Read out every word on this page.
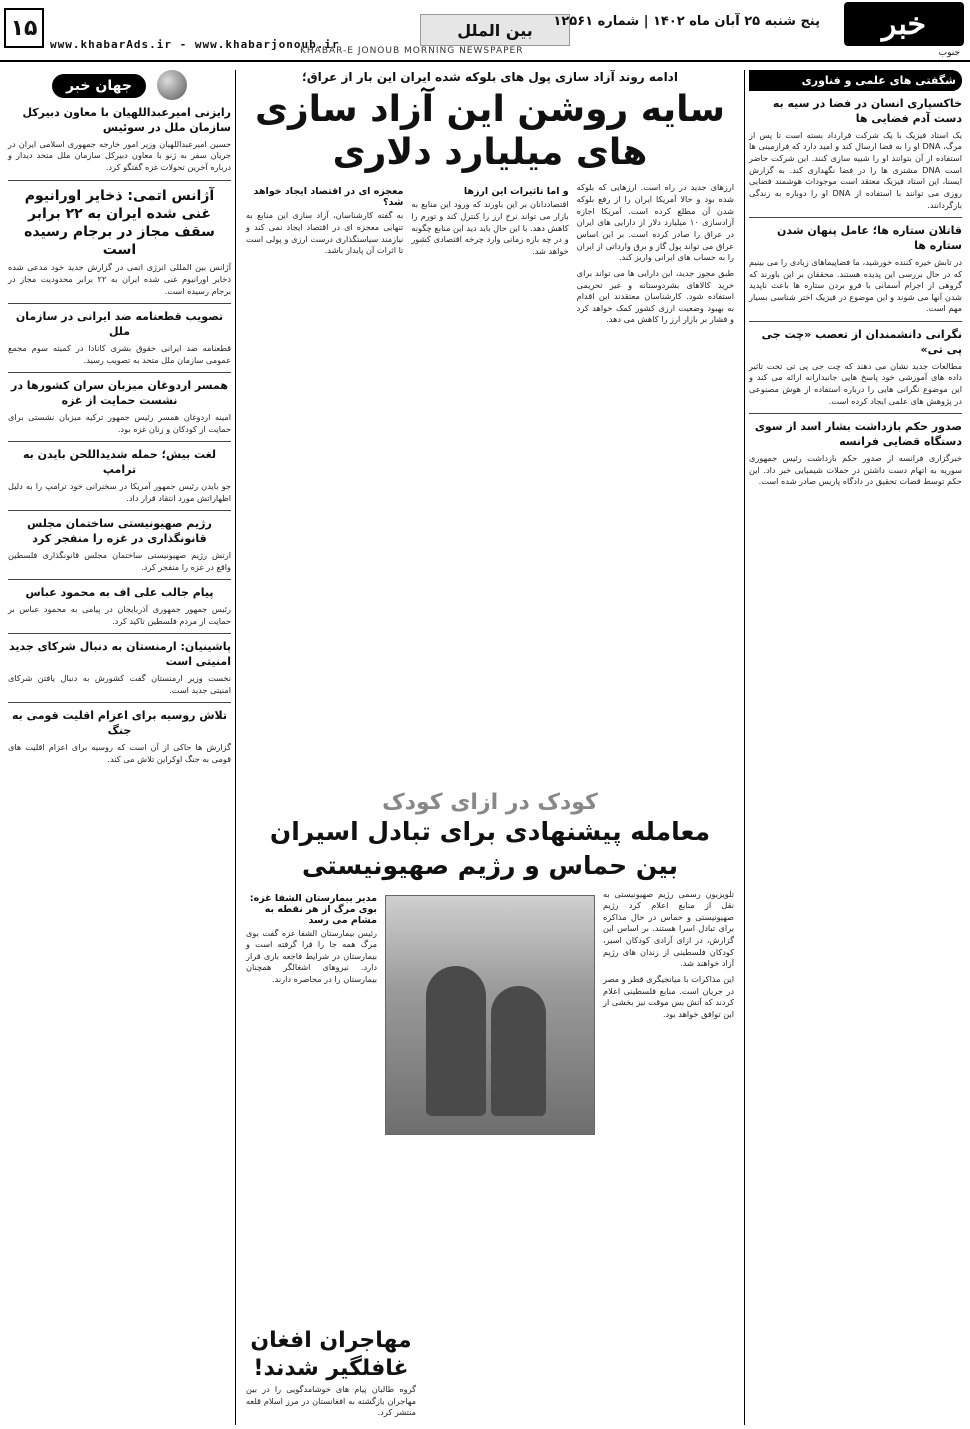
۱۵
www.khabarAds.ir - www.khabarjonoub.ir
بین الملل	پنج شنبه ۲۵ آبان ماه ۱۴۰۲ | شماره ۱۲۵۶۱
KHABAR-E JONOUB MORNING NEWSPAPER
خبر
جنوب
شگفتی های علمی و فناوری
خاکسپاری انسان در فضا در سیه به دست آدم فضایی ها

یک استاد فیزیک با یک شرکت قرارداد بسته است تا پس از مرگ، DNA او را به فضا ارسال کند و امید دارد که فرازمینی ها استفاده از آن بتوانند او را شبیه سازی کنند. این شرکت حاضر است DNA مشتری ها را در فضا نگهداری کند. به گزارش ایسنا، این استاد فیزیک معتقد است موجودات هوشمند فضایی روزی می توانند با استفاده از DNA او را دوباره به زندگی بازگردانند.

قاتلان ستاره ها؛ عامل پنهان شدن ستاره ها

در تابش خیره کننده خورشید، ما فضاپیماهای زیادی را می بینیم که در حال بررسی این پدیده هستند. محققان بر این باورند که گروهی از اجرام آسمانی با فرو بردن ستاره ها باعث ناپدید شدن آنها می شوند و این موضوع در فیزیک اختر شناسی بسیار مهم است.

نگرانی دانشمندان از تعصب «چت جی پی تی»

مطالعات جدید نشان می دهند که چت جی پی تی تحت تاثیر داده های آموزشی خود پاسخ هایی جانبدارانه ارائه می کند و این موضوع نگرانی هایی را درباره استفاده از هوش مصنوعی در پژوهش های علمی ایجاد کرده است.

صدور حکم بازداشت بشار اسد از سوی دستگاه قضایی فرانسه

خبرگزاری فرانسه از صدور حکم بازداشت رئیس جمهوری سوریه به اتهام دست داشتن در حملات شیمیایی خبر داد. این حکم توسط قضات تحقیق در دادگاه پاریس صادر شده است.

ادامه روند آزاد سازی پول های بلوکه شده ایران این بار از عراق؛
سایه روشن این آزاد سازی های میلیارد دلاری

ارزهای جدید در راه است. ارزهایی که بلوکه شده بود و حالا آمریکا ایران را از رفع بلوکه شدن آن مطلع کرده است. آمریکا اجازه آزادسازی ۱۰ میلیارد دلار از دارایی های ایران در عراق را صادر کرده است. بر این اساس عراق می تواند پول گاز و برق وارداتی از ایران را به حساب های ایرانی واریز کند.

طبق مجوز جدید، این دارایی ها می تواند برای خرید کالاهای بشردوستانه و غیر تحریمی استفاده شود. کارشناسان معتقدند این اقدام به بهبود وضعیت ارزی کشور کمک خواهد کرد و فشار بر بازار ارز را کاهش می دهد.

و اما تاثیرات این ارزها

اقتصاددانان بر این باورند که ورود این منابع به بازار می تواند نرخ ارز را کنترل کند و تورم را کاهش دهد. با این حال باید دید این منابع چگونه و در چه بازه زمانی وارد چرخه اقتصادی کشور خواهد شد.

معجزه ای در اقتصاد ایجاد خواهد شد؟

به گفته کارشناسان، آزاد سازی این منابع به تنهایی معجزه ای در اقتصاد ایجاد نمی کند و نیازمند سیاستگذاری درست ارزی و پولی است تا اثرات آن پایدار باشد.

کودک در ازای کودک
معامله پیشنهادی برای تبادل اسیران بین حماس و رژیم صهیونیستی

تلویزیون رسمی رژیم صهیونیستی به نقل از منابع اعلام کرد رژیم صهیونیستی و حماس در حال مذاکره برای تبادل اسرا هستند. بر اساس این گزارش، در ازای آزادی کودکان اسیر، کودکان فلسطینی از زندان های رژیم آزاد خواهند شد.

این مذاکرات با میانجیگری قطر و مصر در جریان است. منابع فلسطینی اعلام کردند که آتش بس موقت نیز بخشی از این توافق خواهد بود.

مدیر بیمارستان الشفا غزه: بوی مرگ از هر نقطه به مشام می رسد

رئیس بیمارستان الشفا غزه گفت بوی مرگ همه جا را فرا گرفته است و بیمارستان در شرایط فاجعه باری قرار دارد. نیروهای اشغالگر همچنان بیمارستان را در محاصره دارند.

مهاجران افغان غافلگیر شدند!

گروه طالبان پیام های خوشامدگویی را در بین مهاجران بازگشته به افغانستان در مرز اسلام قلعه منتشر کرد.

جهان خبر
رایزنی امیرعبداللهیان با معاون دبیرکل سازمان ملل در سوئیس

حسین امیرعبداللهیان وزیر امور خارجه جمهوری اسلامی ایران در جریان سفر به ژنو با معاون دبیرکل سازمان ملل متحد دیدار و درباره آخرین تحولات غزه گفتگو کرد.

آژانس اتمی: ذخایر اورانیوم غنی شده ایران به ۲۲ برابر سقف مجاز در برجام رسیده است

آژانس بین المللی انرژی اتمی در گزارش جدید خود مدعی شده ذخایر اورانیوم غنی شده ایران به ۲۲ برابر محدودیت مجاز در برجام رسیده است.

تصویب قطعنامه ضد ایرانی در سازمان ملل

قطعنامه ضد ایرانی حقوق بشری کانادا در کمیته سوم مجمع عمومی سازمان ملل متحد به تصویب رسید.

همسر اردوغان میزبان سران کشورها در نشست حمایت از غزه

امینه اردوغان همسر رئیس جمهور ترکیه میزبان نشستی برای حمایت از کودکان و زنان غزه بود.

لغت بیش؛ حمله شدیداللحن بایدن به ترامپ

جو بایدن رئیس جمهور آمریکا در سخنرانی خود ترامپ را به دلیل اظهاراتش مورد انتقاد قرار داد.

رژیم صهیونیستی ساختمان مجلس قانونگذاری در غزه را منفجر کرد

ارتش رژیم صهیونیستی ساختمان مجلس قانونگذاری فلسطین واقع در غزه را منفجر کرد.

پیام جالب علی اف به محمود عباس

رئیس جمهور جمهوری آذربایجان در پیامی به محمود عباس بر حمایت از مردم فلسطین تاکید کرد.

پاشینیان: ارمنستان به دنبال شرکای جدید امنیتی است

نخست وزیر ارمنستان گفت کشورش به دنبال یافتن شرکای امنیتی جدید است.

تلاش روسیه برای اعزام اقلیت قومی به جنگ

گزارش ها حاکی از آن است که روسیه برای اعزام اقلیت های قومی به جنگ اوکراین تلاش می کند.
